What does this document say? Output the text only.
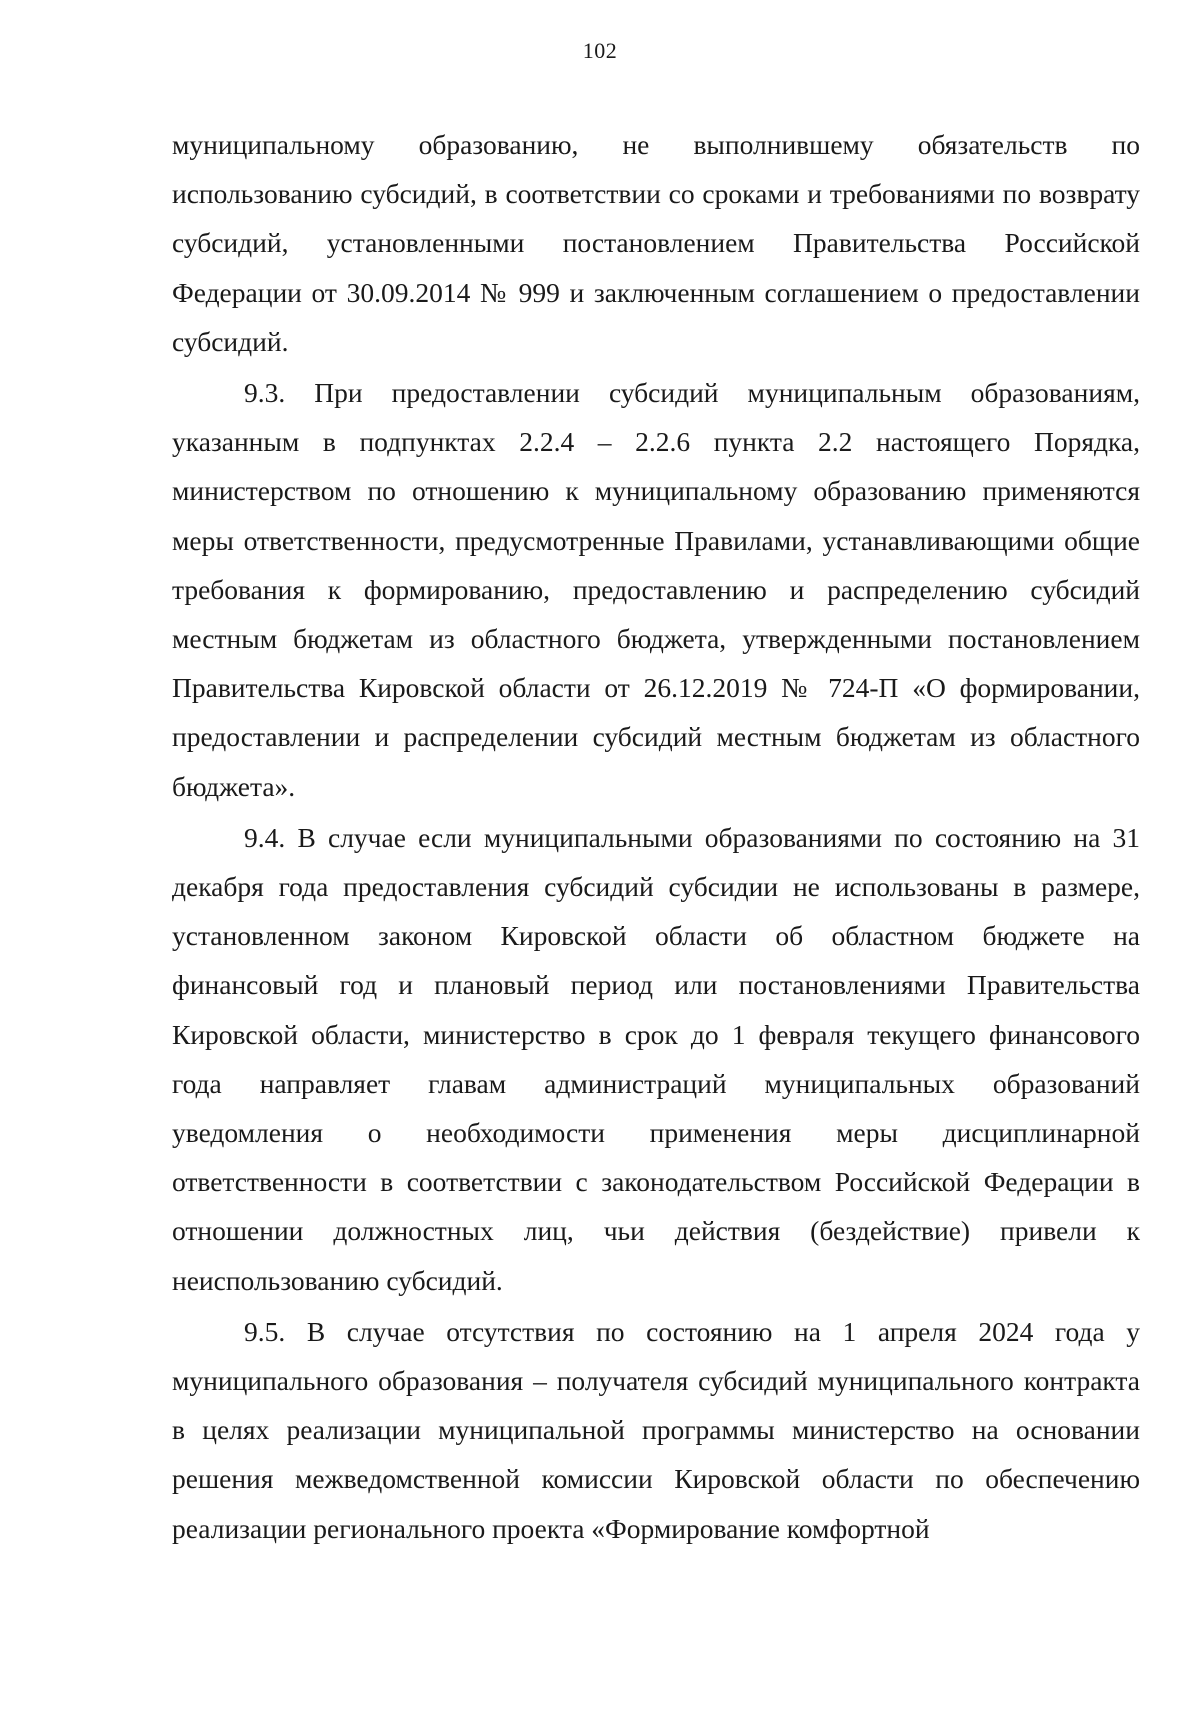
102

муниципальному образованию, не выполнившему обязательств по использованию субсидий, в соответствии со сроками и требованиями по возврату субсидий, установленными постановлением Правительства Российской Федерации от 30.09.2014 № 999 и заключенным соглашением о предоставлении субсидий.

9.3. При предоставлении субсидий муниципальным образованиям, указанным в подпунктах 2.2.4 – 2.2.6 пункта 2.2 настоящего Порядка, министерством по отношению к муниципальному образованию применяются меры ответственности, предусмотренные Правилами, устанавливающими общие требования к формированию, предоставлению и распределению субсидий местным бюджетам из областного бюджета, утвержденными постановлением Правительства Кировской области от 26.12.2019 № 724-П «О формировании, предоставлении и распределении субсидий местным бюджетам из областного бюджета».

9.4. В случае если муниципальными образованиями по состоянию на 31 декабря года предоставления субсидий субсидии не использованы в размере, установленном законом Кировской области об областном бюджете на финансовый год и плановый период или постановлениями Правительства Кировской области, министерство в срок до 1 февраля текущего финансового года направляет главам администраций муниципальных образований уведомления о необходимости применения меры дисциплинарной ответственности в соответствии с законодательством Российской Федерации в отношении должностных лиц, чьи действия (бездействие) привели к неиспользованию субсидий.

9.5. В случае отсутствия по состоянию на 1 апреля 2024 года у муниципального образования – получателя субсидий муниципального контракта в целях реализации муниципальной программы министерство на основании решения межведомственной комиссии Кировской области по обеспечению реализации регионального проекта «Формирование комфортной
